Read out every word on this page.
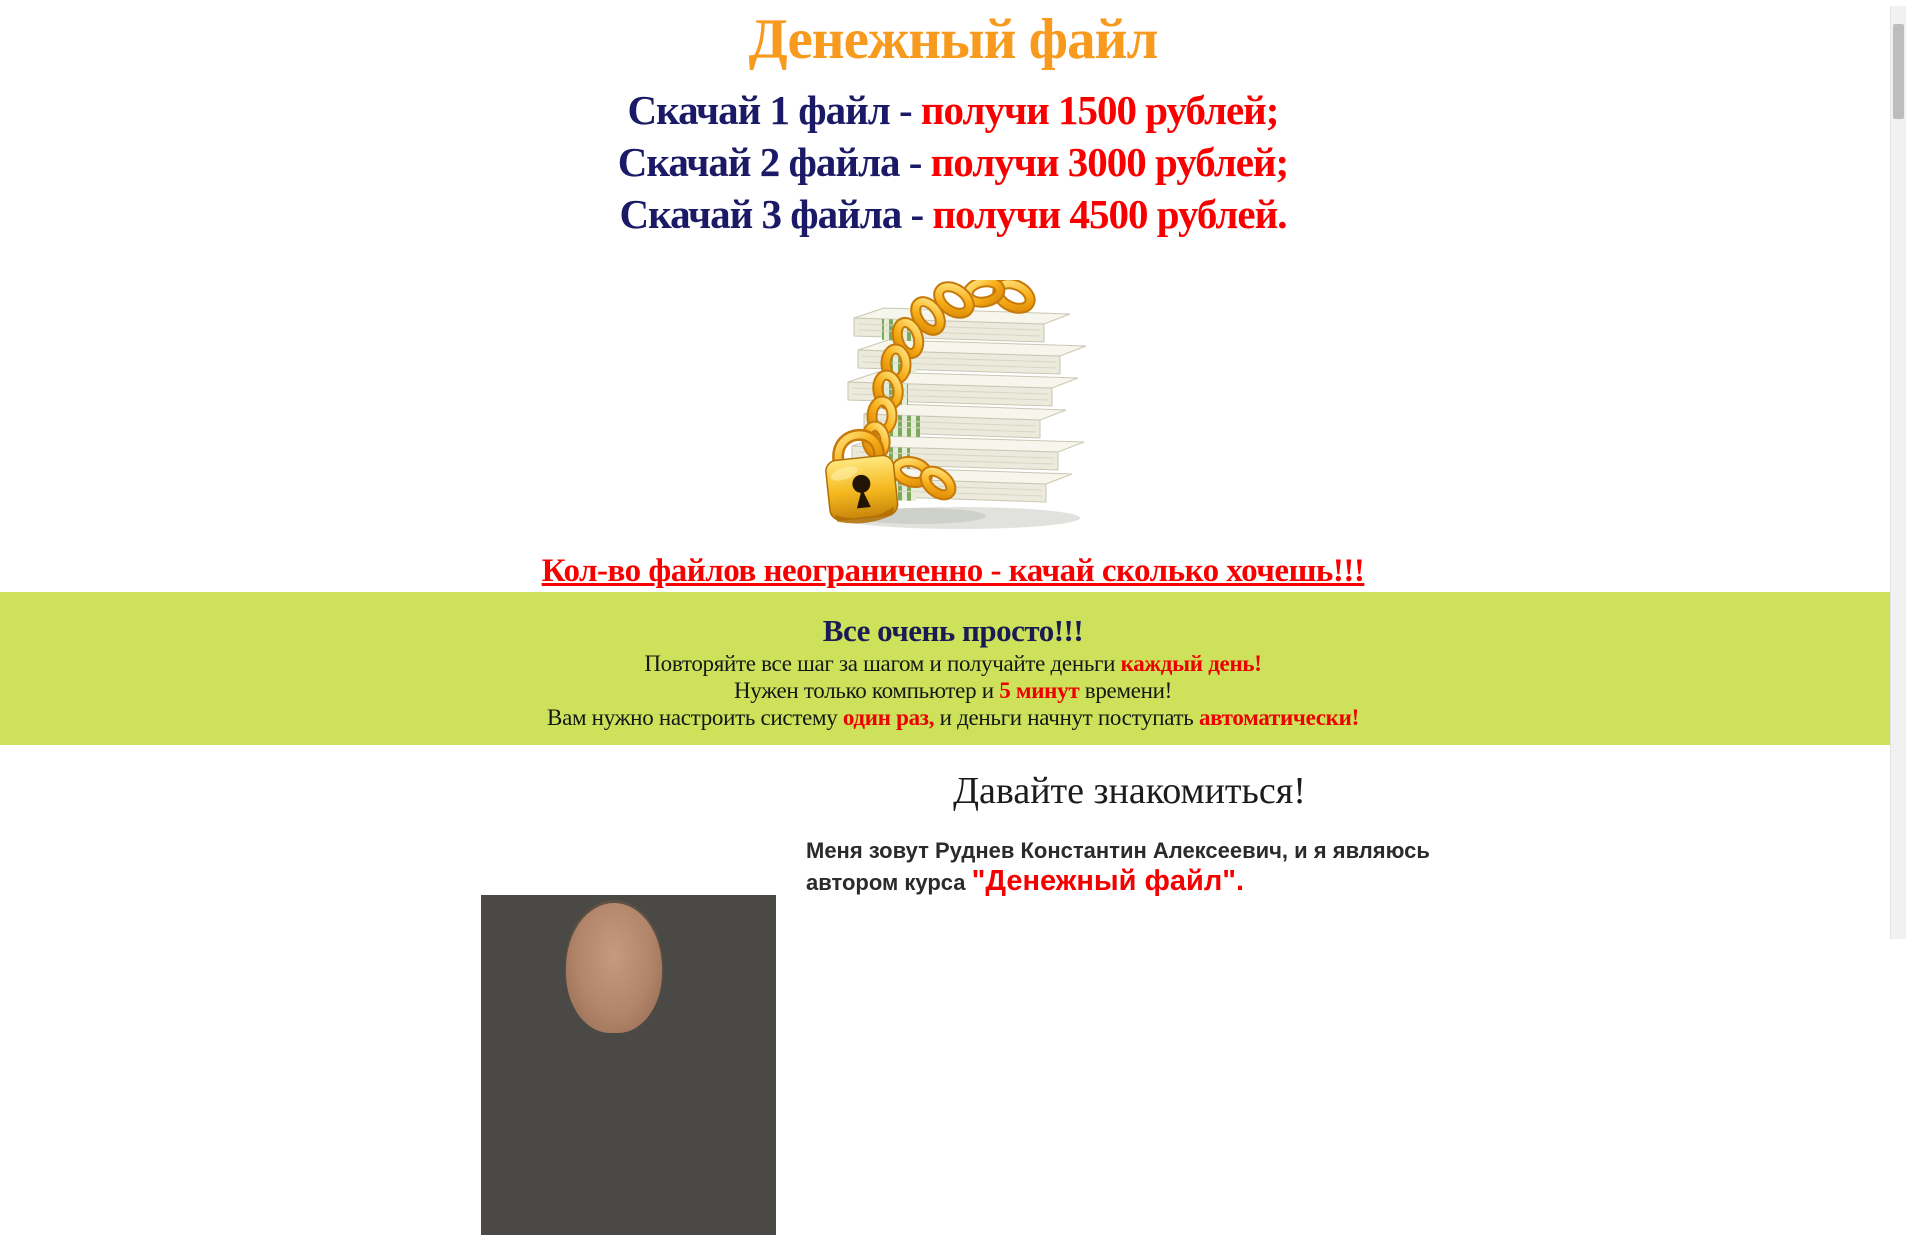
Денежный файл
Скачай 1 файл - получи 1500 рублей;
Скачай 2 файла - получи 3000 рублей;
Скачай 3 файла - получи 4500 рублей.
Кол-во файлов неограниченно - качай сколько хочешь!!!
Все очень просто!!!

Повторяйте все шаг за шагом и получайте деньги каждый день!

Нужен только компьютер и 5 минут времени!

Вам нужно настроить систему один раз, и деньги начнут поступать автоматически!

Давайте знакомиться!

Меня зовут Руднев Константин Алексеевич, и я являюсь
автором курса "Денежный файл".
